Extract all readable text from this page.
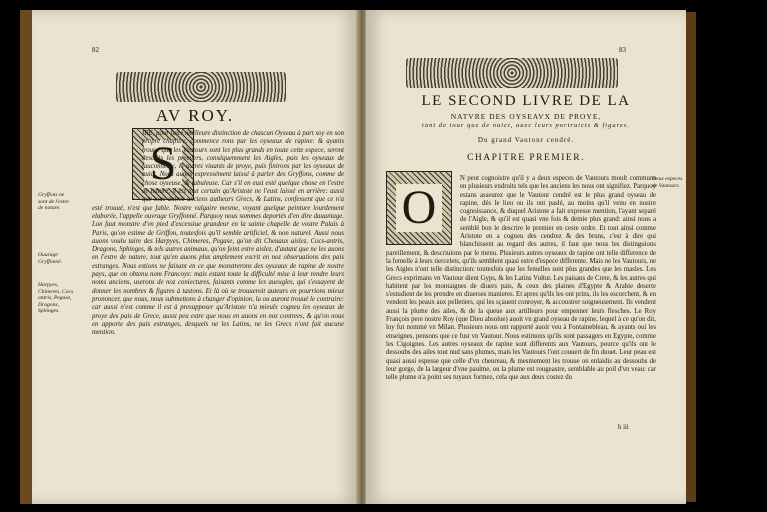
82
AV ROY.
S
IRE, pour faire meilleure distinction de chascun Oyseau à part soy en son propre chapitre, commence rons par les oyseaux de rapine: & ayants trouué que les Vautours sont les plus grands en toute cette espece, seront descrits les premiers, conséquemment les Aigles, puis les oyseaux de fauconnerie, & autres viuants de proye, puis finirons par les oyseaux de nuict. Nous auons expressément laissé à parler des Gryffons, comme de chose oyseuse, & fabuleuse. Car s'il en eust esté quelque chose en l'estre de nature, il est tout certain qu'Aristote ne l'eust laissé en arrière: aussi que tous autres anciens autheurs Grecs, & Latins, confessent que ce n'a esté trouué, n'est que fable. Nostre vulgaire mesme, voyant quelque peinture lourdement elaborée, l'appelle ouvrage Gryffonné. Parquoy nous sommes deportés d'en dire dauantage. Lon faut monstre d'vn pied d'excessiue grandeur en la sainte chapelle de vostre Palais à Paris, qu'on estime de Griffon, toutesfois qu'il semble artificiel, & non naturel. Aussi nous auons voulu taire des Harpyes, Chimeres, Pegase, qu'on dit Cheuaux aislez, Cocs-antris, Dragons, Sphinges, & tels autres animaux, qu'on feint estre aislez, d'autant que ne les auons en l'estre de nature, tout qu'en auons plus amplement escrit en noz obseruations des pais estranges. Nous estions ne faisant en ce que monstrerons des oyseaux de rapine de nostre pays, que on obtenu nom Francoys: mais estant toute la difficulté mise à leur rendre leurs noms anciens, userons de noz coniectures, faisants comme les aueugles, qui s'essayent de donner les nombres & figures à tastons. Et là où se trouueroit auteurs en pourrions mieux prononcer, que nous, nous submettons à changer d'opinion, la ou auront trouué le contraire: car aussi n'est comme il est à presupposer qu'Aristote n'a mieulx cogneu les oyseaux de proye des pais de Grece, aussi peu estre que nous en auons en noz contrees, & qu'on nous en apporte des pais estranges, desquels ne les Latins, ne les Grecs n'ont fait aucune mention.
Gryffons ne sont de l'estre de nature.
Ouurage Gryffonné.
Harpyes, Chimeres, Cocs antris, Pegase, Dragons, Sphinges.
83
LE SECOND LIVRE DE LA
NATVRE DES OYSEAVX DE PROYE,
tant de iour que de nuict, auec leurs portraicts & figures.
Du grand Vautour cendré.
CHAPITRE PREMIER.
O
N peut cognoistre qu'il y a deux especes de Vautours moult communs en plusieurs endroits tels que les anciens les nous ont signifiez. Parquoy estans asseurez que le Vautour cendré est le plus grand oyseau de rapine, dés le lieu ou ils ont paslé, au moins qu'il venu en nostre cognoissance, & duquel Aristote a fait expresse mention, l'ayant separé de l'Aigle, & qu'il est quasi vne fois & demie plus grand: ainsi nous a semblé bon le descrire le premier en ceste ordre. Et tout ainsi comme Aristote en a cogneu des cendrez & des bruns, c'est à dire qui blanchissent au regard des autres, il faut que nous les distinguions pareillement, & descriuions par le menu. Plusieurs autres oyseaux de rapine ont telle difference de la femelle à leurs tiercelets, qu'ils semblent quasi estre d'espece differente. Mais ne les Vautours, ne les Aigles n'ont telle distinction: toutesfois que les femelles sont plus grandes que les masles. Les Grecs exprimans vn Vautour dient Gyps, & les Latins Vultur. Les paisans de Crete, & les autres qui habitent par les montaignes de diuers pais, & ceux des plaines d'Egypte & Arabie deserte s'estudient de les prendre en diuerses manieres. Et apres qu'ils les ont prins, ils les escorchent, & en vendent les peaux aux pelletiers, qui les sçauent conroyer, & accoustrer soigneusement. Ils vendent aussi la plume des ailes, & de la queue aux artilleurs pour empenner leurs flesches. Le Roy François pere nostre Roy (que Dieu absolue) auoit vn grand oyseau de rapine, lequel à ce qu'on dit, luy fut nommé vn Milan. Plusieurs nous ont rapporté auoir veu à Fontainebleau, & ayants oui les enseignes, pensons que ce fust vn Vautour. Nous estimons qu'ils sont passagers en Egypte, comme les Cigoignes. Les autres oyseaux de rapine sont differents aux Vautours, pource qu'ils ont le dessoubs des ailes tout nud sans plumes, mais les Vautours l'ont couuert de fin duuet. Leur peau est quasi aussi espesse que celle d'vn cheureau, & mesmement les trouue on enlaidis au dessoubs de leur gorge, de la largeur d'vne paulme, ou la plume est rougeastre, semblable au poil d'vn veau: car telle plume n'a point ses tuyaux formez, cela que aux deux costez du
Deux especes de Vautours.
h iii
